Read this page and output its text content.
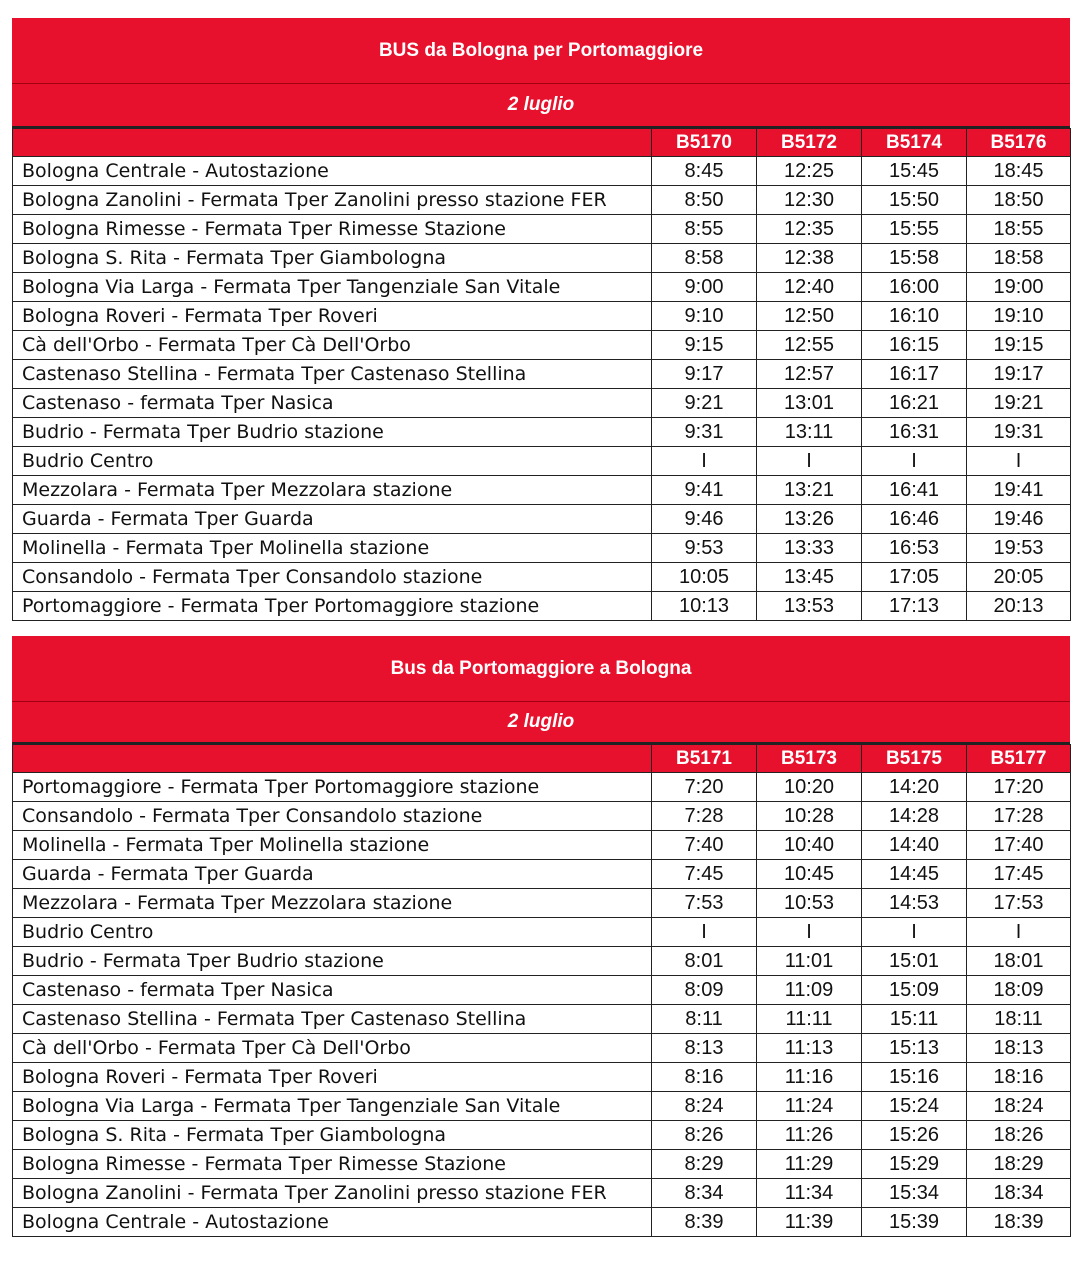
BUS da Bologna per Portomaggiore
2 luglio
	B5170	B5172	B5174	B5176
Bologna Centrale - Autostazione	8:45	12:25	15:45	18:45
Bologna Zanolini - Fermata Tper Zanolini presso stazione FER	8:50	12:30	15:50	18:50
Bologna Rimesse - Fermata Tper Rimesse Stazione	8:55	12:35	15:55	18:55
Bologna S. Rita - Fermata Tper Giambologna	8:58	12:38	15:58	18:58
Bologna Via Larga - Fermata Tper Tangenziale San Vitale	9:00	12:40	16:00	19:00
Bologna Roveri - Fermata Tper Roveri	9:10	12:50	16:10	19:10
Cà dell'Orbo - Fermata Tper Cà Dell'Orbo	9:15	12:55	16:15	19:15
Castenaso Stellina - Fermata Tper Castenaso Stellina	9:17	12:57	16:17	19:17
Castenaso - fermata Tper Nasica	9:21	13:01	16:21	19:21
Budrio - Fermata Tper Budrio stazione	9:31	13:11	16:31	19:31
Budrio Centro	I	I	I	I
Mezzolara - Fermata Tper Mezzolara stazione	9:41	13:21	16:41	19:41
Guarda - Fermata Tper Guarda	9:46	13:26	16:46	19:46
Molinella - Fermata Tper Molinella stazione	9:53	13:33	16:53	19:53
Consandolo - Fermata Tper Consandolo stazione	10:05	13:45	17:05	20:05
Portomaggiore - Fermata Tper Portomaggiore stazione	10:13	13:53	17:13	20:13
Bus da Portomaggiore a Bologna
2 luglio
	B5171	B5173	B5175	B5177
Portomaggiore - Fermata Tper Portomaggiore stazione	7:20	10:20	14:20	17:20
Consandolo - Fermata Tper Consandolo stazione	7:28	10:28	14:28	17:28
Molinella - Fermata Tper Molinella stazione	7:40	10:40	14:40	17:40
Guarda - Fermata Tper Guarda	7:45	10:45	14:45	17:45
Mezzolara - Fermata Tper Mezzolara stazione	7:53	10:53	14:53	17:53
Budrio Centro	I	I	I	I
Budrio - Fermata Tper Budrio stazione	8:01	11:01	15:01	18:01
Castenaso - fermata Tper Nasica	8:09	11:09	15:09	18:09
Castenaso Stellina - Fermata Tper Castenaso Stellina	8:11	11:11	15:11	18:11
Cà dell'Orbo - Fermata Tper Cà Dell'Orbo	8:13	11:13	15:13	18:13
Bologna Roveri - Fermata Tper Roveri	8:16	11:16	15:16	18:16
Bologna Via Larga - Fermata Tper Tangenziale San Vitale	8:24	11:24	15:24	18:24
Bologna S. Rita - Fermata Tper Giambologna	8:26	11:26	15:26	18:26
Bologna Rimesse - Fermata Tper Rimesse Stazione	8:29	11:29	15:29	18:29
Bologna Zanolini - Fermata Tper Zanolini presso stazione FER	8:34	11:34	15:34	18:34
Bologna Centrale - Autostazione	8:39	11:39	15:39	18:39
